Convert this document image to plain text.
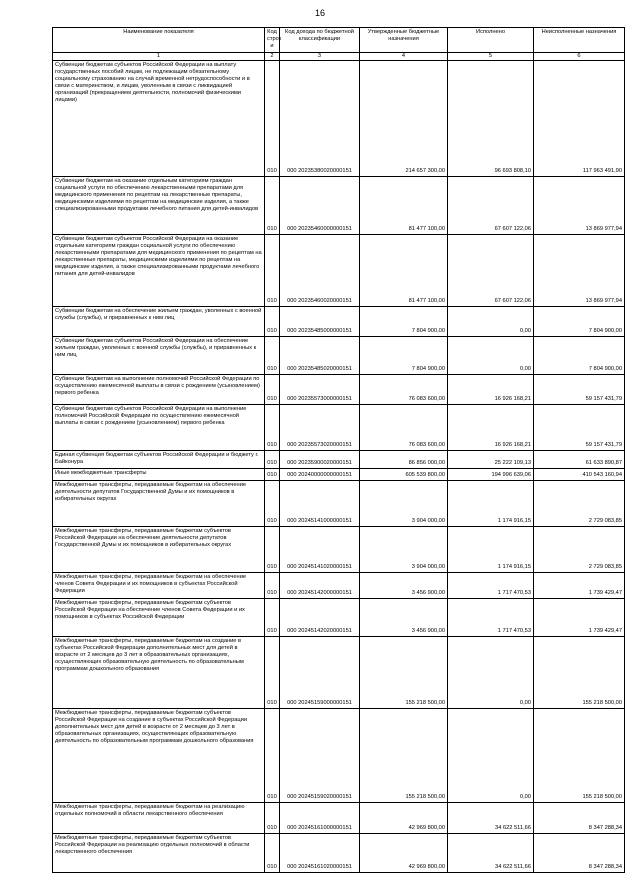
16
Наименование показателя	Код строк и	Код дохода по бюджетной классификации	Утвержденные бюджетные назначения	Исполнено	Неисполненные назначения
1	2	3	4	5	6
Субвенции бюджетам субъектов Российской Федерации на выплату государственных пособий лицам, не подлежащим обязательному социальному страхованию на случай временной нетрудоспособности и в связи с материнством, и лицам, уволенным в связи с ликвидацией организаций (прекращением деятельности, полномочий физическими лицами)	010	000 20235380020000151	214 657 300,00	96 693 808,10	117 963 491,90
Субвенции бюджетам на оказание отдельным категориям граждан социальной услуги по обеспечению лекарственными препаратами для медицинского применения по рецептам на лекарственные препараты, медицинскими изделиями по рецептам на медицинские изделия, а также специализированными продуктами лечебного питания для детей-инвалидов	010	000 20235460000000151	81 477 100,00	67 607 122,06	13 869 977,94
Субвенции бюджетам субъектов Российской Федерации на оказание отдельным категориям граждан социальной услуги по обеспечению лекарственными препаратами для медицинского применения по рецептам на лекарственные препараты, медицинскими изделиями по рецептам на медицинские изделия, а также специализированными продуктами лечебного питания для детей-инвалидов	010	000 20235460020000151	81 477 100,00	67 607 122,06	13 869 977,94
Субвенции бюджетам на обеспечение жильем граждан, уволенных с военной службы (службы), и приравненных к ним лиц	010	000 20235485000000151	7 804 900,00	0,00	7 804 900,00
Субвенции бюджетам субъектов Российской Федерации на обеспечение жильем граждан, уволенных с военной службы (службы), и приравненных к ним лиц	010	000 20235485020000151	7 804 900,00	0,00	7 804 900,00
Субвенции бюджетам на выполнение полномочий Российской Федерации по осуществлению ежемесячной выплаты в связи с рождением (усыновлением) первого ребенка	010	000 20235573000000151	76 083 600,00	16 926 168,21	59 157 431,79
Субвенции бюджетам субъектов Российской Федерации на выполнение полномочий Российской Федерации по осуществлению ежемесячной выплаты в связи с рождением (усыновлением) первого ребенка	010	000 20235573020000151	76 083 600,00	16 926 168,21	59 157 431,79
Единая субвенция бюджетам субъектов Российской Федерации и бюджету г. Байконура	010	000 20235900020000151	86 856 000,00	25 222 109,13	61 633 890,87
Иные межбюджетные трансферты	010	000 20240000000000151	605 539 800,00	194 996 639,06	410 543 160,94
Межбюджетные трансферты, передаваемые бюджетам на обеспечение деятельности депутатов Государственной Думы и их помощников в избирательных округах	010	000 20245141000000151	3 904 000,00	1 174 916,15	2 729 083,85
Межбюджетные трансферты, передаваемые бюджетам субъектов Российской Федерации на обеспечение деятельности депутатов Государственной Думы и их помощников в избирательных округах	010	000 20245141020000151	3 904 000,00	1 174 916,15	2 729 083,85
Межбюджетные трансферты, передаваемые бюджетам на обеспечение членов Совета Федерации и их помощников в субъектах Российской Федерации	010	000 20245142000000151	3 456 900,00	1 717 470,53	1 739 429,47
Межбюджетные трансферты, передаваемые бюджетам субъектов Российской Федерации на обеспечение членов Совета Федерации и их помощников в субъектах Российской Федерации	010	000 20245142020000151	3 456 900,00	1 717 470,53	1 739 429,47
Межбюджетные трансферты, передаваемые бюджетам на создание в субъектах Российской Федерации дополнительных мест для детей в возрасте от 2 месяцев до 3 лет в образовательных организациях, осуществляющих образовательную деятельность по образовательным программам дошкольного образования	010	000 20245159000000151	155 218 500,00	0,00	155 218 500,00
Межбюджетные трансферты, передаваемые бюджетам субъектов Российской Федерации на создание в субъектах Российской Федерации дополнительных мест для детей в возрасте от 2 месяцев до 3 лет в образовательных организациях, осуществляющих образовательную деятельность по образовательным программам дошкольного образования	010	000 20245159020000151	155 218 500,00	0,00	155 218 500,00
Межбюджетные трансферты, передаваемые бюджетам на реализацию отдельных полномочий в области лекарственного обеспечения	010	000 20245161000000151	42 969 800,00	34 622 511,66	8 347 288,34
Межбюджетные трансферты, передаваемые бюджетам субъектов Российской Федерации на реализацию отдельных полномочий в области лекарственного обеспечения	010	000 20245161020000151	42 969 800,00	34 622 511,66	8 347 288,34
